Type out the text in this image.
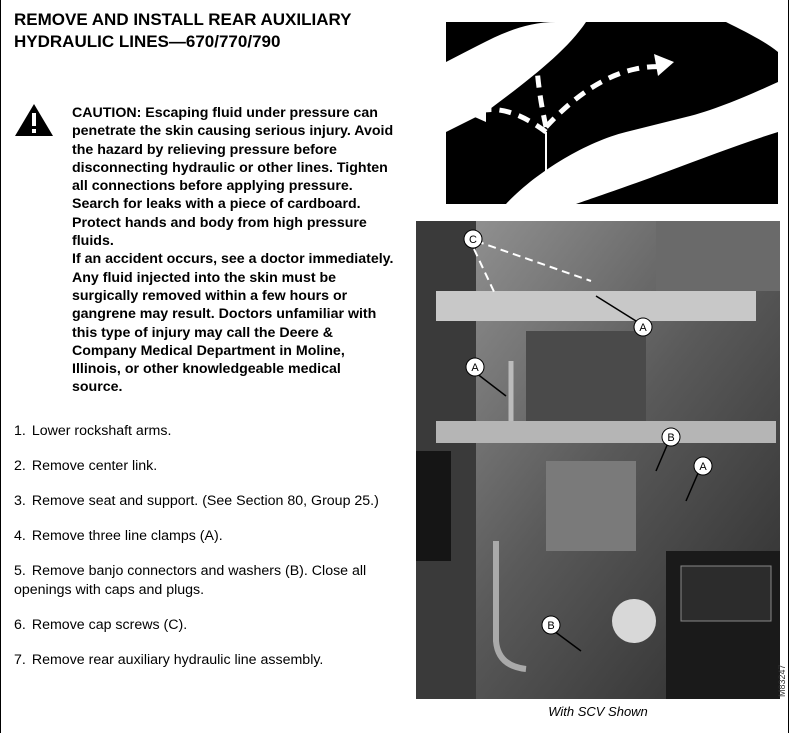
REMOVE AND INSTALL REAR AUXILIARY HYDRAULIC LINES—670/770/790

CAUTION: Escaping fluid under pressure can penetrate the skin causing serious injury. Avoid the hazard by relieving pressure before disconnecting hydraulic or other lines. Tighten all connections before applying pressure. Search for leaks with a piece of cardboard. Protect hands and body from high pressure fluids.

If an accident occurs, see a doctor immediately. Any fluid injected into the skin must be surgically removed within a few hours or gangrene may result. Doctors unfamiliar with this type of injury may call the Deere & Company Medical Department in Moline, Illinois, or other knowledgeable medical source.

1. Lower rockshaft arms.
2. Remove center link.
3. Remove seat and support. (See Section 80, Group 25.)
4. Remove three line clamps (A).
5. Remove banjo connectors and washers (B). Close all openings with caps and plugs.
6. Remove cap screws (C).
7. Remove rear auxiliary hydraulic line assembly.
X9811
C
A
A
B
A
B
M83247
With SCV Shown
